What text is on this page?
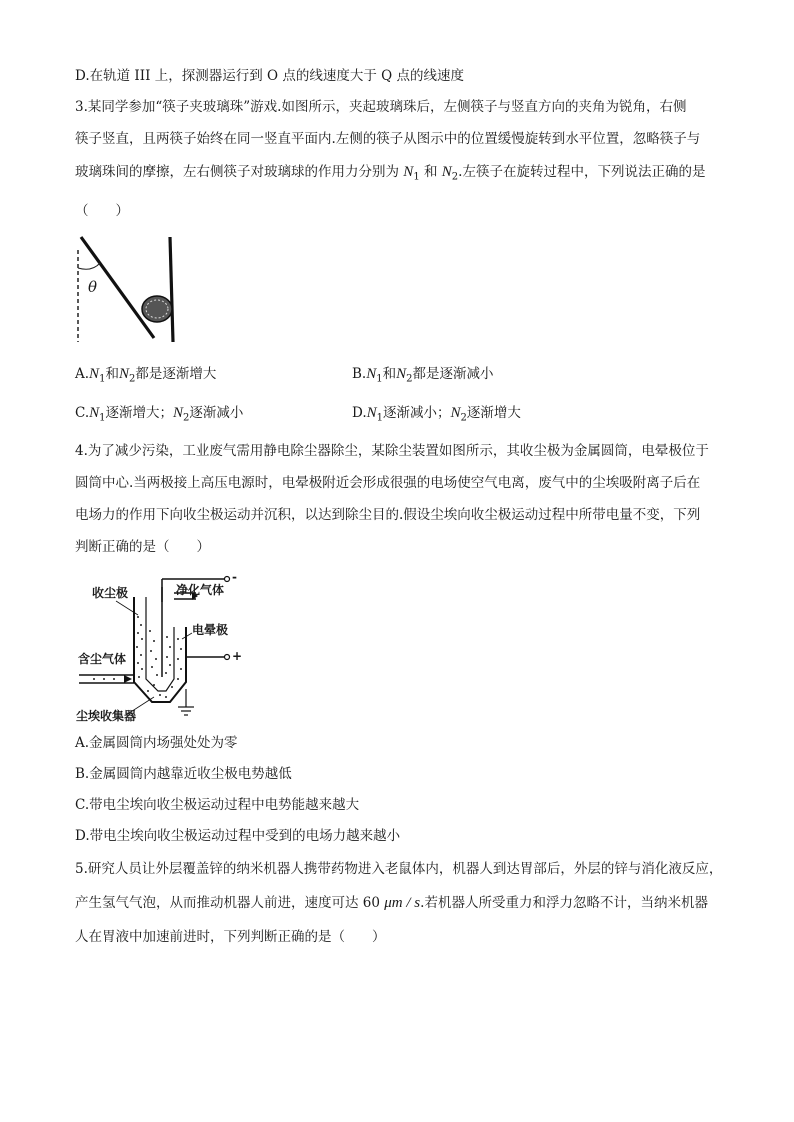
D.在轨道 III 上，探测器运行到 O 点的线速度大于 Q 点的线速度
3.某同学参加“筷子夹玻璃珠”游戏.如图所示，夹起玻璃珠后，左侧筷子与竖直方向的夹角为锐角，右侧
筷子竖直，且两筷子始终在同一竖直平面内.左侧的筷子从图示中的位置缓慢旋转到水平位置，忽略筷子与
玻璃珠间的摩擦，左右侧筷子对玻璃球的作用力分别为 $N_1$ 和 $N_2$.左筷子在旋转过程中，下列说法正确的是
（　　）
θ
$A.N_1$和$N_2$都是逐渐增大	$B.N_1$和$N_2$都是逐渐减小
$C.N_1$逐渐增大；$N_2$逐渐减小	$D.N_1$逐渐减小；$N_2$逐渐增大
4.为了减少污染，工业废气需用静电除尘器除尘，某除尘装置如图所示，其收尘极为金属圆筒，电晕极位于
圆筒中心.当两极接上高压电源时，电晕极附近会形成很强的电场使空气电离，废气中的尘埃吸附离子后在
电场力的作用下向收尘极运动并沉积，以达到除尘目的.假设尘埃向收尘极运动过程中所带电量不变，下列
判断正确的是（　　）
收尘极	净化气体
电晕极
含尘气体
尘埃收集器
-
+
A.金属圆筒内场强处处为零
B.金属圆筒内越靠近收尘极电势越低
C.带电尘埃向收尘极运动过程中电势能越来越大
D.带电尘埃向收尘极运动过程中受到的电场力越来越小
5.研究人员让外层覆盖锌的纳米机器人携带药物进入老鼠体内，机器人到达胃部后，外层的锌与消化液反应，
产生氢气气泡，从而推动机器人前进，速度可达 60 μm / s.若机器人所受重力和浮力忽略不计，当纳米机器
人在胃液中加速前进时，下列判断正确的是（　　）
